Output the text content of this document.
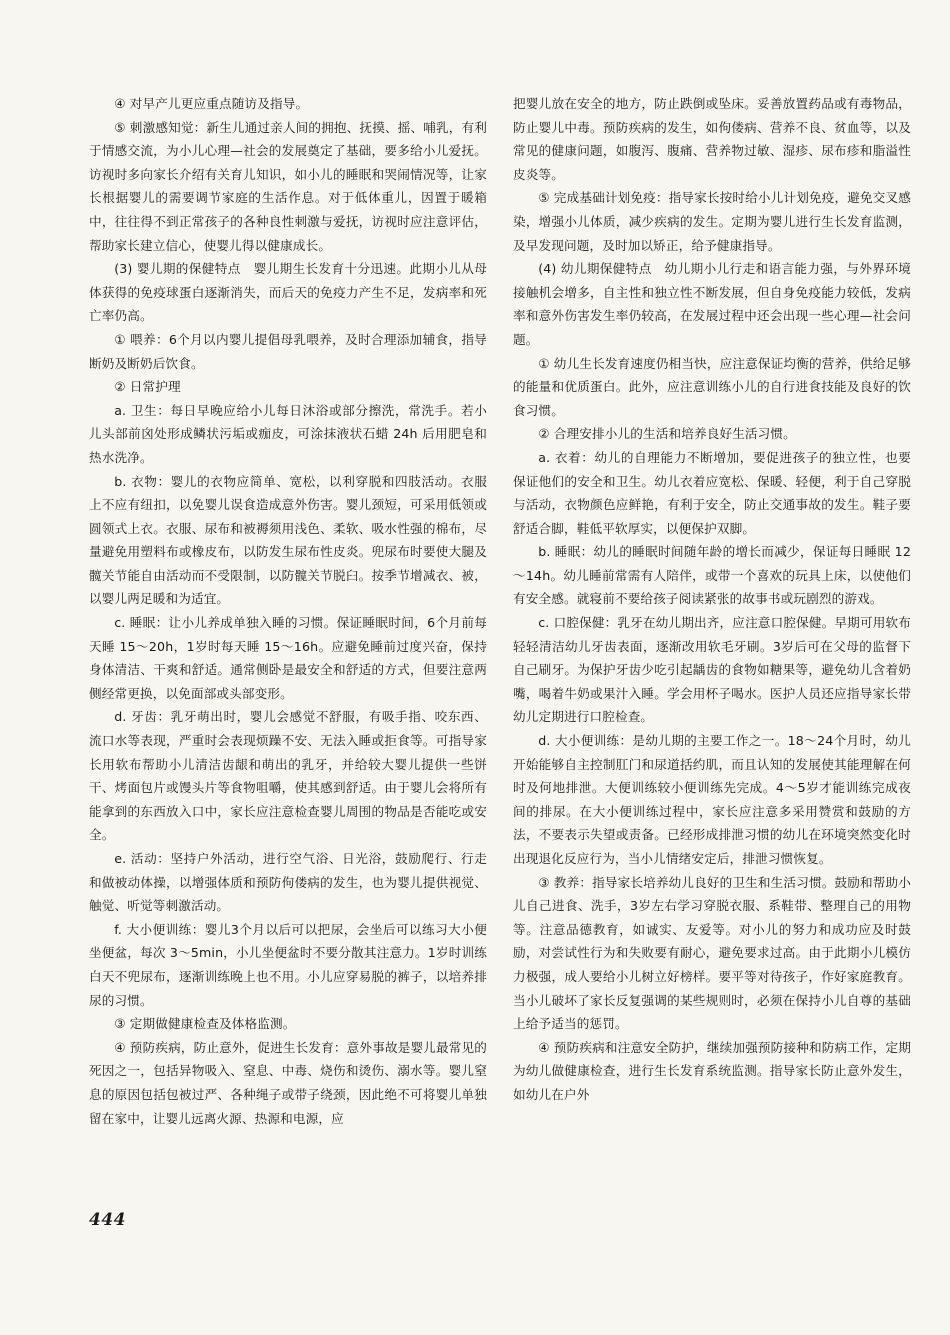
④ 对早产儿更应重点随访及指导。

⑤ 刺激感知觉：新生儿通过亲人间的拥抱、抚摸、摇、哺乳，有利于情感交流，为小儿心理—社会的发展奠定了基础，要多给小儿爱抚。访视时多向家长介绍有关育儿知识，如小儿的睡眠和哭闹情况等，让家长根据婴儿的需要调节家庭的生活作息。对于低体重儿，因置于暖箱中，往往得不到正常孩子的各种良性刺激与爱抚，访视时应注意评估，帮助家长建立信心，使婴儿得以健康成长。

(3) 婴儿期的保健特点　婴儿期生长发育十分迅速。此期小儿从母体获得的免疫球蛋白逐渐消失，而后天的免疫力产生不足，发病率和死亡率仍高。

① 喂养：6个月以内婴儿提倡母乳喂养，及时合理添加辅食，指导断奶及断奶后饮食。

② 日常护理

a. 卫生：每日早晚应给小儿每日沐浴或部分擦洗，常洗手。若小儿头部前囟处形成鳞状污垢或痂皮，可涂抹液状石蜡 24h 后用肥皂和热水洗净。

b. 衣物：婴儿的衣物应简单、宽松，以利穿脱和四肢活动。衣服上不应有纽扣，以免婴儿误食造成意外伤害。婴儿颈短，可采用低领或圆领式上衣。衣服、尿布和被褥须用浅色、柔软、吸水性强的棉布，尽量避免用塑料布或橡皮布，以防发生尿布性皮炎。兜尿布时要使大腿及髋关节能自由活动而不受限制，以防髋关节脱臼。按季节增减衣、被，以婴儿两足暖和为适宜。

c. 睡眠：让小儿养成单独入睡的习惯。保证睡眠时间，6个月前每天睡 15～20h，1岁时每天睡 15～16h。应避免睡前过度兴奋，保持身体清洁、干爽和舒适。通常侧卧是最安全和舒适的方式，但要注意两侧经常更换，以免面部或头部变形。

d. 牙齿：乳牙萌出时，婴儿会感觉不舒服，有吸手指、咬东西、流口水等表现，严重时会表现烦躁不安、无法入睡或拒食等。可指导家长用软布帮助小儿清洁齿龈和萌出的乳牙，并给较大婴儿提供一些饼干、烤面包片或馒头片等食物咀嚼，使其感到舒适。由于婴儿会将所有能拿到的东西放入口中，家长应注意检查婴儿周围的物品是否能吃或安全。

e. 活动：坚持户外活动，进行空气浴、日光浴，鼓励爬行、行走和做被动体操，以增强体质和预防佝偻病的发生，也为婴儿提供视觉、触觉、听觉等刺激活动。

f. 大小便训练：婴儿3个月以后可以把尿，会坐后可以练习大小便坐便盆，每次 3～5min，小儿坐便盆时不要分散其注意力。1岁时训练白天不兜尿布，逐渐训练晚上也不用。小儿应穿易脱的裤子，以培养排尿的习惯。

③ 定期做健康检查及体格监测。

④ 预防疾病，防止意外，促进生长发育：意外事故是婴儿最常见的死因之一，包括异物吸入、窒息、中毒、烧伤和烫伤、溺水等。婴儿窒息的原因包括包被过严、各种绳子或带子绕颈，因此绝不可将婴儿单独留在家中，让婴儿远离火源、热源和电源，应

把婴儿放在安全的地方，防止跌倒或坠床。妥善放置药品或有毒物品，防止婴儿中毒。预防疾病的发生，如佝偻病、营养不良、贫血等，以及常见的健康问题，如腹泻、腹痛、营养物过敏、湿疹、尿布疹和脂溢性皮炎等。

⑤ 完成基础计划免疫：指导家长按时给小儿计划免疫，避免交叉感染，增强小儿体质，减少疾病的发生。定期为婴儿进行生长发育监测，及早发现问题，及时加以矫正，给予健康指导。

(4) 幼儿期保健特点　幼儿期小儿行走和语言能力强，与外界环境接触机会增多，自主性和独立性不断发展，但自身免疫能力较低，发病率和意外伤害发生率仍较高，在发展过程中还会出现一些心理—社会问题。

① 幼儿生长发育速度仍相当快，应注意保证均衡的营养，供给足够的能量和优质蛋白。此外，应注意训练小儿的自行进食技能及良好的饮食习惯。

② 合理安排小儿的生活和培养良好生活习惯。

a. 衣着：幼儿的自理能力不断增加，要促进孩子的独立性，也要保证他们的安全和卫生。幼儿衣着应宽松、保暖、轻便，利于自己穿脱与活动，衣物颜色应鲜艳，有利于安全，防止交通事故的发生。鞋子要舒适合脚，鞋低平软厚实，以便保护双脚。

b. 睡眠：幼儿的睡眠时间随年龄的增长而减少，保证每日睡眠 12～14h。幼儿睡前常需有人陪伴，或带一个喜欢的玩具上床，以使他们有安全感。就寝前不要给孩子阅读紧张的故事书或玩剧烈的游戏。

c. 口腔保健：乳牙在幼儿期出齐，应注意口腔保健。早期可用软布轻轻清洁幼儿牙齿表面，逐渐改用软毛牙刷。3岁后可在父母的监督下自己刷牙。为保护牙齿少吃引起龋齿的食物如糖果等，避免幼儿含着奶嘴，喝着牛奶或果汁入睡。学会用杯子喝水。医护人员还应指导家长带幼儿定期进行口腔检查。

d. 大小便训练：是幼儿期的主要工作之一。18～24个月时，幼儿开始能够自主控制肛门和尿道括约肌，而且认知的发展使其能理解在何时及何地排泄。大便训练较小便训练先完成。4～5岁才能训练完成夜间的排尿。在大小便训练过程中，家长应注意多采用赞赏和鼓励的方法，不要表示失望或责备。已经形成排泄习惯的幼儿在环境突然变化时出现退化反应行为，当小儿情绪安定后，排泄习惯恢复。

③ 教养：指导家长培养幼儿良好的卫生和生活习惯。鼓励和帮助小儿自己进食、洗手，3岁左右学习穿脱衣服、系鞋带、整理自己的用物等。注意品德教育，如诚实、友爱等。对小儿的努力和成功应及时鼓励，对尝试性行为和失败要有耐心，避免要求过高。由于此期小儿模仿力极强，成人要给小儿树立好榜样。要平等对待孩子，作好家庭教育。当小儿破坏了家长反复强调的某些规则时，必须在保持小儿自尊的基础上给予适当的惩罚。

④ 预防疾病和注意安全防护，继续加强预防接种和防病工作，定期为幼儿做健康检查，进行生长发育系统监测。指导家长防止意外发生，如幼儿在户外

444
